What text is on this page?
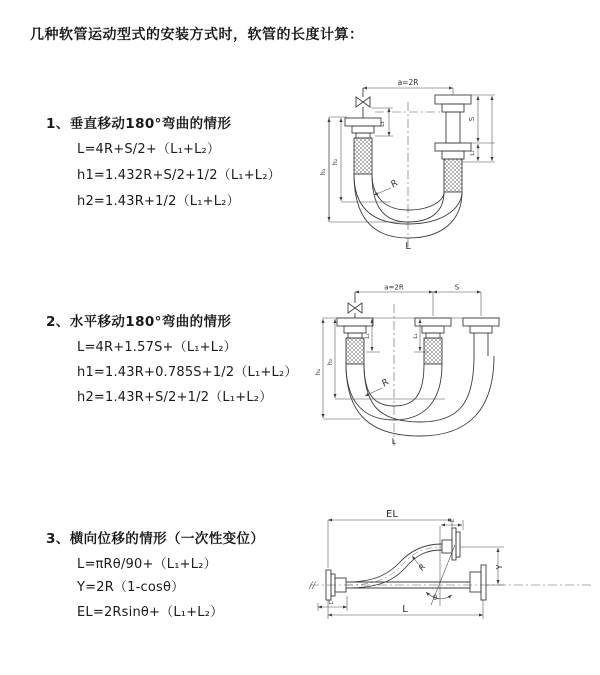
几种软管运动型式的安装方式时，软管的长度计算：
1、垂直移动180°弯曲的情形
L=4R+S/2+（L₁+L₂）
h1=1.432R+S/2+1/2（L₁+L₂）
h2=1.43R+1/2（L₁+L₂）
2、水平移动180°弯曲的情形
L=4R+1.57S+（L₁+L₂）
h1=1.43R+0.785S+1/2（L₁+L₂）
h2=1.43R+S/2+1/2（L₁+L₂）
3、横向位移的情形（一次性变位）
L=πRθ/90+（L₁+L₂）
Y=2R（1-cosθ）
EL=2Rsinθ+（L₁+L₂）
a=2R
L₁
h₁
h₂
S
L₁
R
L
a=2R	S
L₁	L₁
h₁
h₂
R
L
EL
L₁
Y
R
θ
L₁
L
